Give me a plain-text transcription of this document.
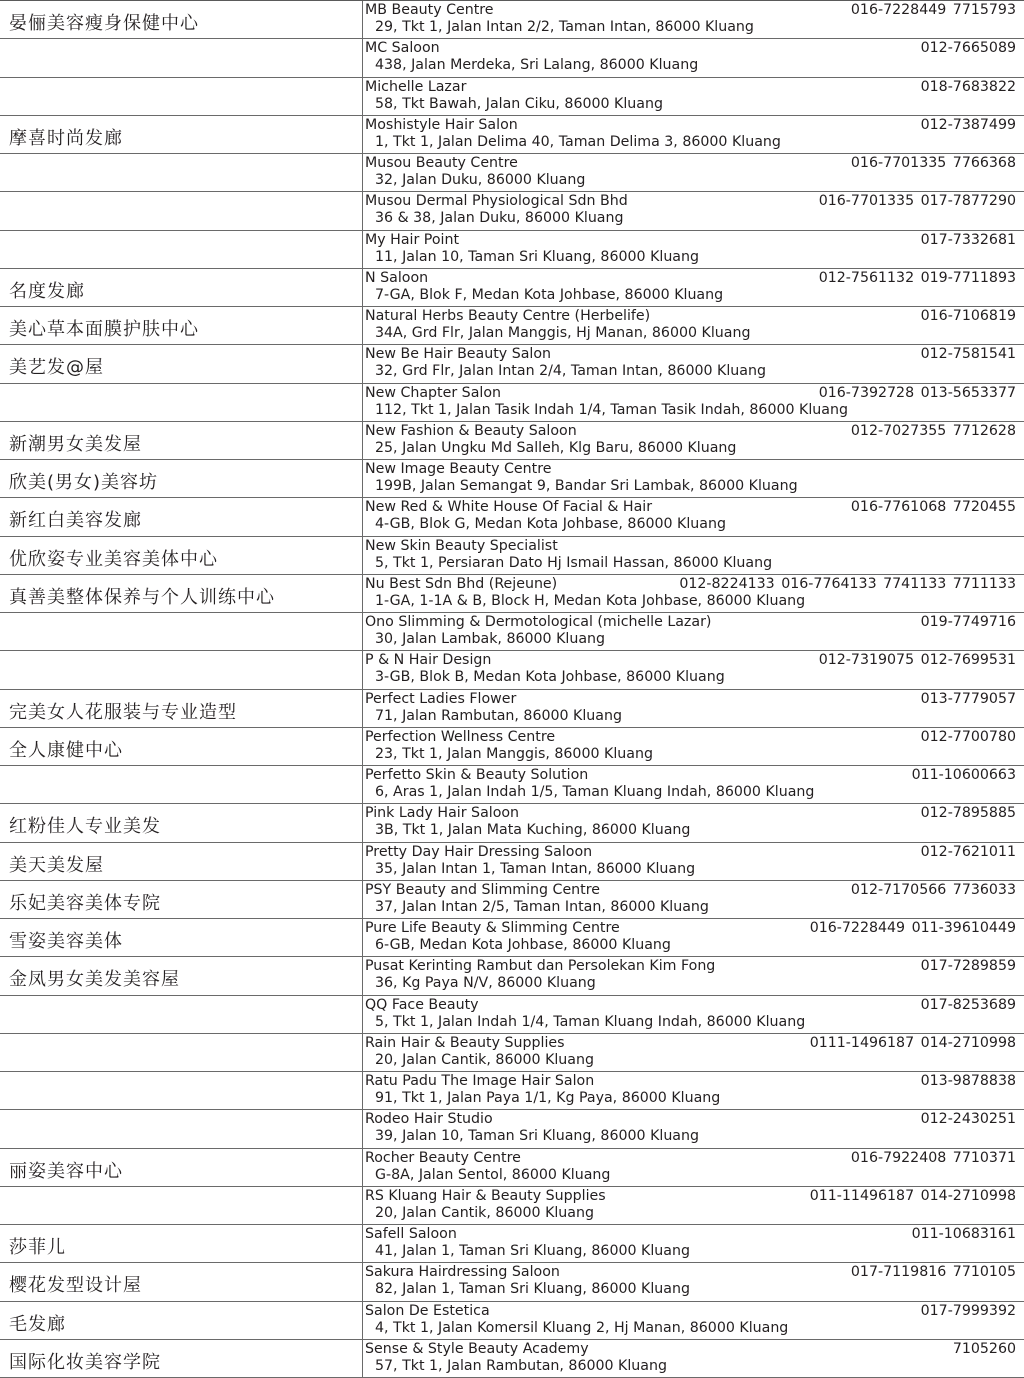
晏俪美容瘦身保健中心
MB Beauty Centre
29, Tkt 1, Jalan Intan 2/2, Taman Intan, 86000 Kluang
016-7228449 7715793
MC Saloon
438, Jalan Merdeka, Sri Lalang, 86000 Kluang
012-7665089
Michelle Lazar
58, Tkt Bawah, Jalan Ciku, 86000 Kluang
018-7683822
摩喜时尚发廊
Moshistyle Hair Salon
1, Tkt 1, Jalan Delima 40, Taman Delima 3, 86000 Kluang
012-7387499
Musou Beauty Centre
32, Jalan Duku, 86000 Kluang
016-7701335 7766368
Musou Dermal Physiological Sdn Bhd
36 & 38, Jalan Duku, 86000 Kluang
016-7701335 017-7877290
My Hair Point
11, Jalan 10, Taman Sri Kluang, 86000 Kluang
017-7332681
名度发廊
N Saloon
7-GA, Blok F, Medan Kota Johbase, 86000 Kluang
012-7561132 019-7711893
美心草本面膜护肤中心
Natural Herbs Beauty Centre (Herbelife)
34A, Grd Flr, Jalan Manggis, Hj Manan, 86000 Kluang
016-7106819
美艺发@屋
New Be Hair Beauty Salon
32, Grd Flr, Jalan Intan 2/4, Taman Intan, 86000 Kluang
012-7581541
New Chapter Salon
112, Tkt 1, Jalan Tasik Indah 1/4, Taman Tasik Indah, 86000 Kluang
016-7392728 013-5653377
新潮男女美发屋
New Fashion & Beauty Saloon
25, Jalan Ungku Md Salleh, Klg Baru, 86000 Kluang
012-7027355 7712628
欣美(男女)美容坊
New Image Beauty Centre
199B, Jalan Semangat 9, Bandar Sri Lambak, 86000 Kluang
新红白美容发廊
New Red & White House Of Facial & Hair
4-GB, Blok G, Medan Kota Johbase, 86000 Kluang
016-7761068 7720455
优欣姿专业美容美体中心
New Skin Beauty Specialist
5, Tkt 1, Persiaran Dato Hj Ismail Hassan, 86000 Kluang
真善美整体保养与个人训练中心
Nu Best Sdn Bhd (Rejeune)
1-GA, 1-1A & B, Block H, Medan Kota Johbase, 86000 Kluang
012-8224133 016-7764133 7741133 7711133
Ono Slimming & Dermotological (michelle Lazar)
30, Jalan Lambak, 86000 Kluang
019-7749716
P & N Hair Design
3-GB, Blok B, Medan Kota Johbase, 86000 Kluang
012-7319075 012-7699531
完美女人花服装与专业造型
Perfect Ladies Flower
71, Jalan Rambutan, 86000 Kluang
013-7779057
全人康健中心
Perfection Wellness Centre
23, Tkt 1, Jalan Manggis, 86000 Kluang
012-7700780
Perfetto Skin & Beauty Solution
6, Aras 1, Jalan Indah 1/5, Taman Kluang Indah, 86000 Kluang
011-10600663
红粉佳人专业美发
Pink Lady Hair Saloon
3B, Tkt 1, Jalan Mata Kuching, 86000 Kluang
012-7895885
美天美发屋
Pretty Day Hair Dressing Saloon
35, Jalan Intan 1, Taman Intan, 86000 Kluang
012-7621011
乐妃美容美体专院
PSY Beauty and Slimming Centre
37, Jalan Intan 2/5, Taman Intan, 86000 Kluang
012-7170566 7736033
雪姿美容美体
Pure Life Beauty & Slimming Centre
6-GB, Medan Kota Johbase, 86000 Kluang
016-7228449 011-39610449
金凤男女美发美容屋
Pusat Kerinting Rambut dan Persolekan Kim Fong
36, Kg Paya N/V, 86000 Kluang
017-7289859
QQ Face Beauty
5, Tkt 1, Jalan Indah 1/4, Taman Kluang Indah, 86000 Kluang
017-8253689
Rain Hair & Beauty Supplies
20, Jalan Cantik, 86000 Kluang
0111-1496187 014-2710998
Ratu Padu The Image Hair Salon
91, Tkt 1, Jalan Paya 1/1, Kg Paya, 86000 Kluang
013-9878838
Rodeo Hair Studio
39, Jalan 10, Taman Sri Kluang, 86000 Kluang
012-2430251
丽姿美容中心
Rocher Beauty Centre
G-8A, Jalan Sentol, 86000 Kluang
016-7922408 7710371
RS Kluang Hair & Beauty Supplies
20, Jalan Cantik, 86000 Kluang
011-11496187 014-2710998
莎菲儿
Safell Saloon
41, Jalan 1, Taman Sri Kluang, 86000 Kluang
011-10683161
樱花发型设计屋
Sakura Hairdressing Saloon
82, Jalan 1, Taman Sri Kluang, 86000 Kluang
017-7119816 7710105
毛发廊
Salon De Estetica
4, Tkt 1, Jalan Komersil Kluang 2, Hj Manan, 86000 Kluang
017-7999392
国际化妆美容学院
Sense & Style Beauty Academy
57, Tkt 1, Jalan Rambutan, 86000 Kluang
7105260
